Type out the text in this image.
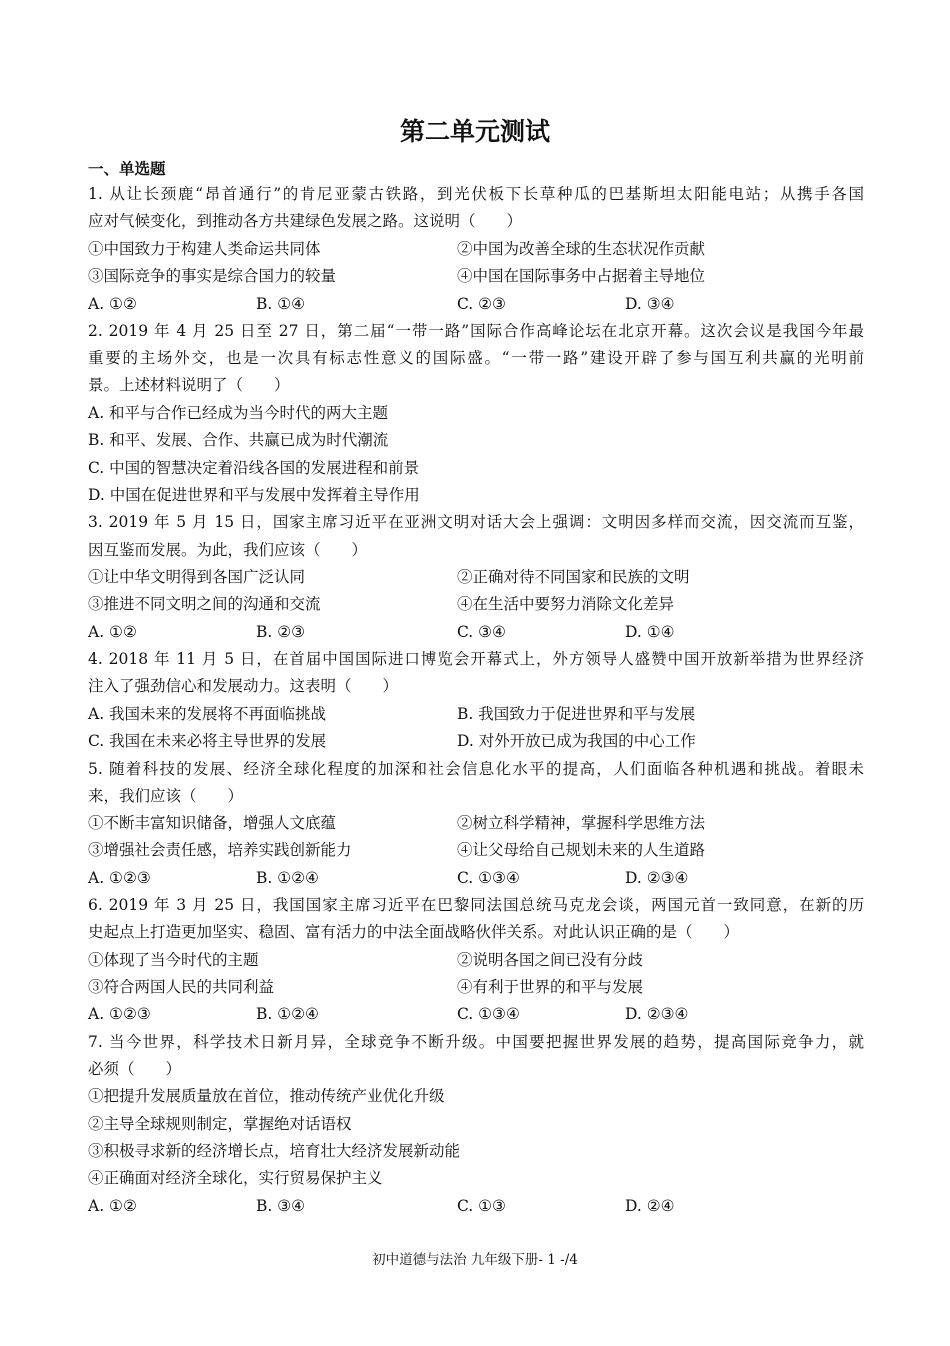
第二单元测试
一、单选题
1. 从让长颈鹿“昂首通行”的肯尼亚蒙古铁路，到光伏板下长草种瓜的巴基斯坦太阳能电站；从携手各国
应对气候变化，到推动各方共建绿色发展之路。这说明（　　）
①中国致力于构建人类命运共同体	②中国为改善全球的生态状况作贡献
③国际竞争的事实是综合国力的较量	④中国在国际事务中占据着主导地位
A. ①②	B. ①④	C. ②③	D. ③④
2. 2019 年 4 月 25 日至 27 日，第二届“一带一路”国际合作高峰论坛在北京开幕。这次会议是我国今年最
重要的主场外交，也是一次具有标志性意义的国际盛。“一带一路”建设开辟了参与国互利共赢的光明前
景。上述材料说明了（　　）
A. 和平与合作已经成为当今时代的两大主题
B. 和平、发展、合作、共赢已成为时代潮流
C. 中国的智慧决定着沿线各国的发展进程和前景
D. 中国在促进世界和平与发展中发挥着主导作用
3. 2019 年 5 月 15 日，国家主席习近平在亚洲文明对话大会上强调：文明因多样而交流，因交流而互鉴，
因互鉴而发展。为此，我们应该（　　）
①让中华文明得到各国广泛认同	②正确对待不同国家和民族的文明
③推进不同文明之间的沟通和交流	④在生活中要努力消除文化差异
A. ①②	B. ②③	C. ③④	D. ①④
4. 2018 年 11 月 5 日，在首届中国国际进口博览会开幕式上，外方领导人盛赞中国开放新举措为世界经济
注入了强劲信心和发展动力。这表明（　　）
A. 我国未来的发展将不再面临挑战	B. 我国致力于促进世界和平与发展
C. 我国在未来必将主导世界的发展	D. 对外开放已成为我国的中心工作
5. 随着科技的发展、经济全球化程度的加深和社会信息化水平的提高，人们面临各种机遇和挑战。着眼未
来，我们应该（　　）
①不断丰富知识储备，增强人文底蕴	②树立科学精神，掌握科学思维方法
③增强社会责任感，培养实践创新能力	④让父母给自己规划未来的人生道路
A. ①②③	B. ①②④	C. ①③④	D. ②③④
6. 2019 年 3 月 25 日，我国国家主席习近平在巴黎同法国总统马克龙会谈，两国元首一致同意，在新的历
史起点上打造更加坚实、稳固、富有活力的中法全面战略伙伴关系。对此认识正确的是（　　）
①体现了当今时代的主题	②说明各国之间已没有分歧
③符合两国人民的共同利益	④有利于世界的和平与发展
A. ①②③	B. ①②④	C. ①③④	D. ②③④
7. 当今世界，科学技术日新月异，全球竞争不断升级。中国要把握世界发展的趋势，提高国际竞争力，就
必须（　　）
①把提升发展质量放在首位，推动传统产业优化升级
②主导全球规则制定，掌握绝对话语权
③积极寻求新的经济增长点，培育壮大经济发展新动能
④正确面对经济全球化，实行贸易保护主义
A. ①②	B. ③④	C. ①③	D. ②④
初中道德与法治 九年级下册- 1 -/4
